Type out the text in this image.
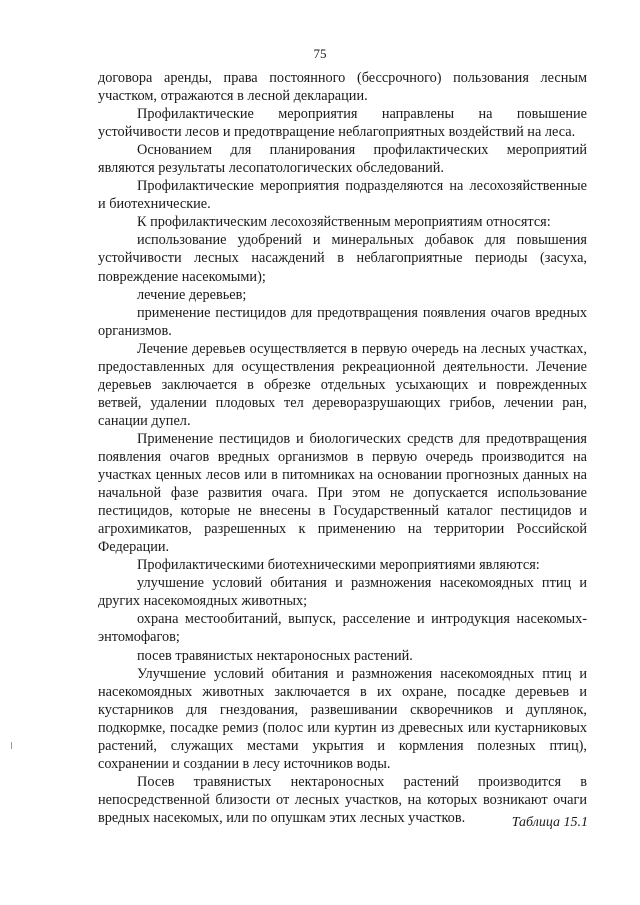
75

договора аренды, права постоянного (бессрочного) пользования лесным участком, отражаются в лесной декларации.

Профилактические мероприятия направлены на повышение устойчивости лесов и предотвращение неблагоприятных воздействий на леса.

Основанием для планирования профилактических мероприятий являются результаты лесопатологических обследований.

Профилактические мероприятия подразделяются на лесохозяйственные и биотехнические.

К профилактическим лесохозяйственным мероприятиям относятся:

использование удобрений и минеральных добавок для повышения устойчивости лесных насаждений в неблагоприятные периоды (засуха, повреждение насекомыми);

лечение деревьев;

применение пестицидов для предотвращения появления очагов вредных организмов.

Лечение деревьев осуществляется в первую очередь на лесных участках, предоставленных для осуществления рекреационной деятельности. Лечение деревьев заключается в обрезке отдельных усыхающих и поврежденных ветвей, удалении плодовых тел дереворазрушающих грибов, лечении ран, санации дупел.

Применение пестицидов и биологических средств для предотвращения появления очагов вредных организмов в первую очередь производится на участках ценных лесов или в питомниках на основании прогнозных данных на начальной фазе развития очага. При этом не допускается использование пестицидов, которые не внесены в Государственный каталог пестицидов и агрохимикатов, разрешенных к применению на территории Российской Федерации.

Профилактическими биотехническими мероприятиями являются:

улучшение условий обитания и размножения насекомоядных птиц и других насекомоядных животных;

охрана местообитаний, выпуск, расселение и интродукция насекомых-энтомофагов;

посев травянистых нектароносных растений.

Улучшение условий обитания и размножения насекомоядных птиц и насекомоядных животных заключается в их охране, посадке деревьев и кустарников для гнездования, развешивании скворечников и дуплянок, подкормке, посадке ремиз (полос или куртин из древесных или кустарниковых растений, служащих местами укрытия и кормления полезных птиц), сохранении и создании в лесу источников воды.

Посев травянистых нектароносных растений производится в непосредственной близости от лесных участков, на которых возникают очаги вредных насекомых, или по опушкам этих лесных участков.	Таблица 15.1
